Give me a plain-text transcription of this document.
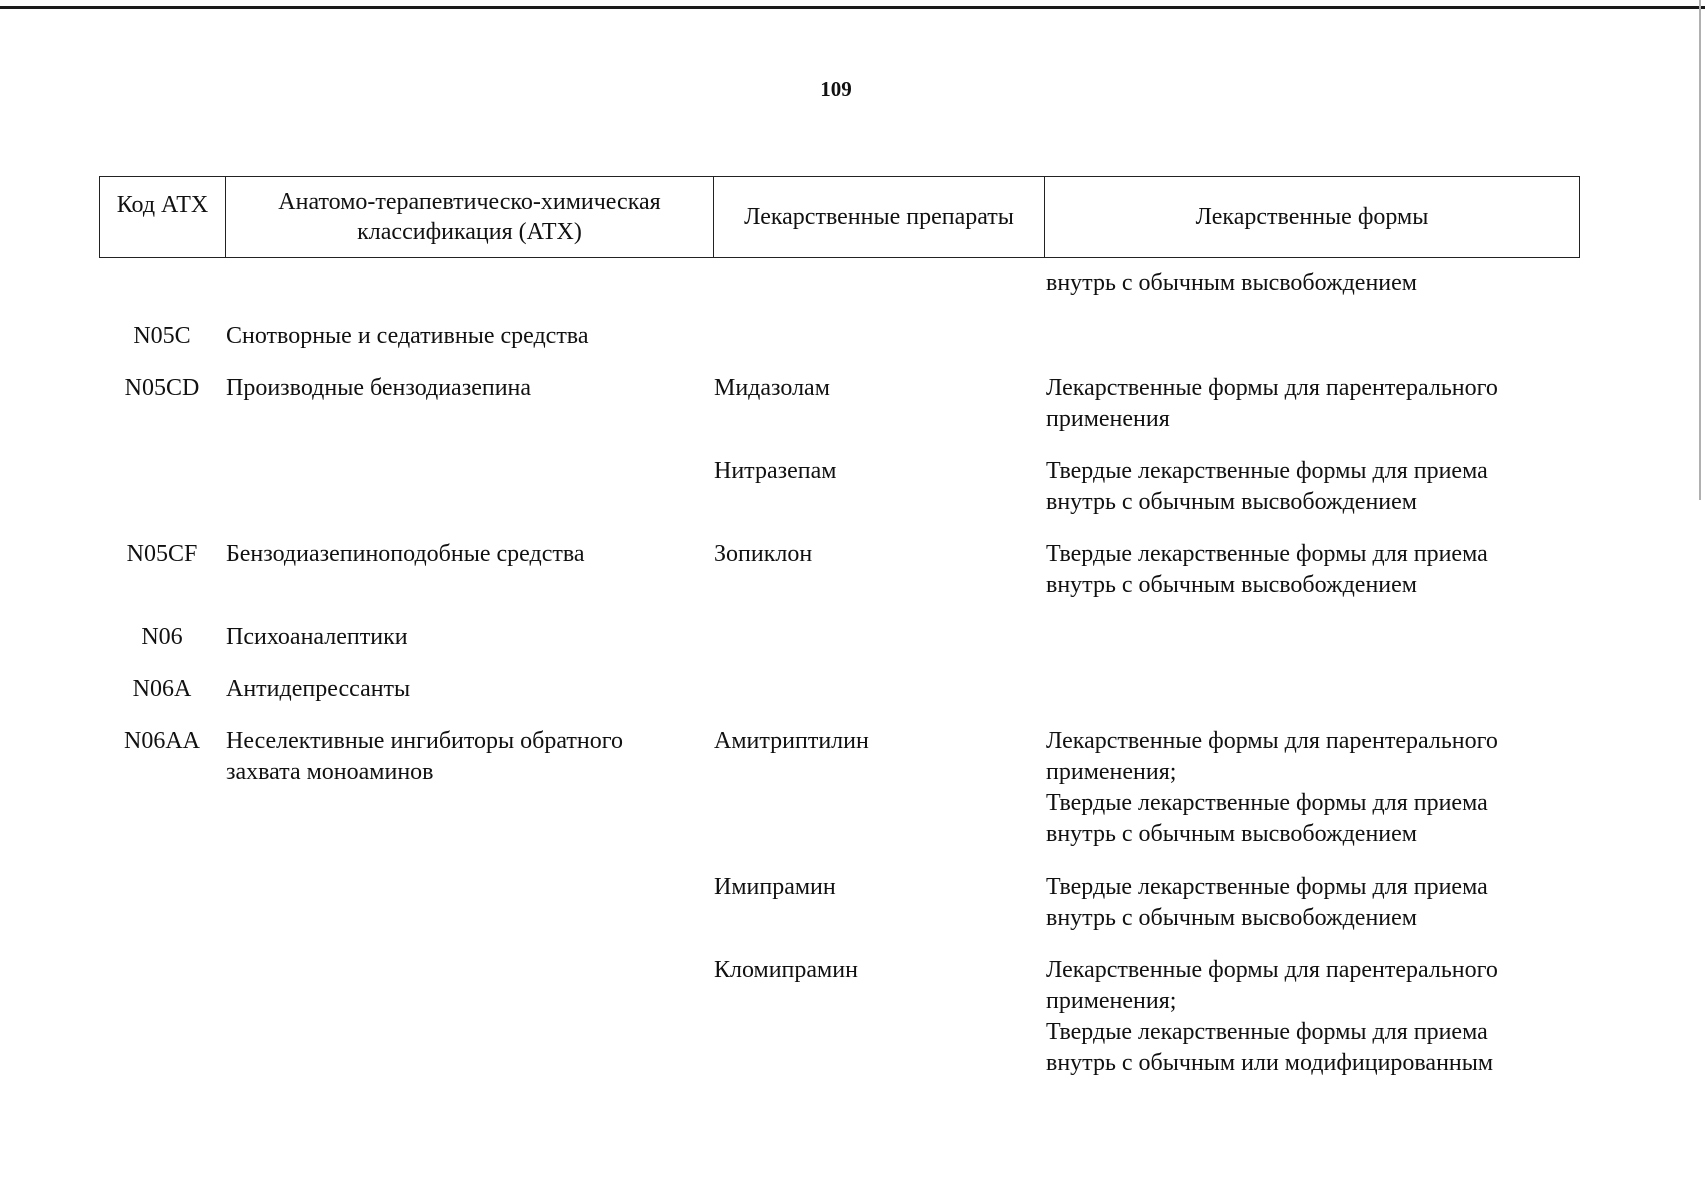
109
Код АТХ	Анатомо-терапевтическо-химическая классификация (АТХ)
Лекарственные препараты	Лекарственные формы
внутрь с обычным высвобождением
N05C	Снотворные и седативные средства
N05CD	Производные бензодиазепина	Мидазолам	Лекарственные формы для парентерального
применения
Нитразепам	Твердые лекарственные формы для приема
внутрь с обычным высвобождением
N05CF	Бензодиазепиноподобные средства	Зопиклон	Твердые лекарственные формы для приема
внутрь с обычным высвобождением
N06	Психоаналептики
N06A	Антидепрессанты
N06AA	Неселективные ингибиторы обратного
захвата моноаминов
Амитриптилин	Лекарственные формы для парентерального
применения;
Твердые лекарственные формы для приема
внутрь с обычным высвобождением
Имипрамин	Твердые лекарственные формы для приема
внутрь с обычным высвобождением
Кломипрамин	Лекарственные формы для парентерального
применения;
Твердые лекарственные формы для приема
внутрь с обычным или модифицированным
